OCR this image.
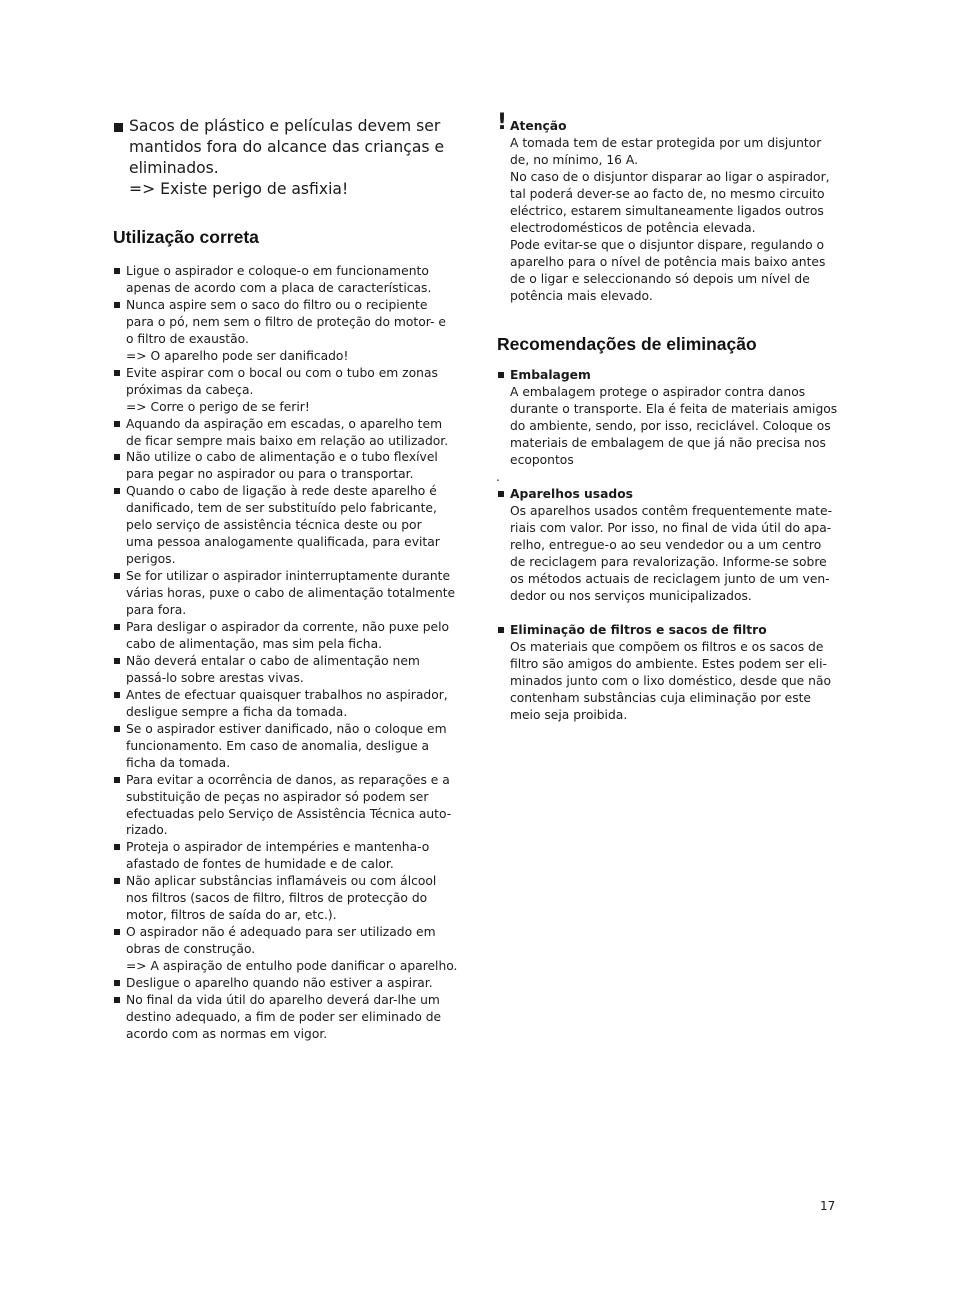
Sacos de plástico e películas devem ser
mantidos fora do alcance das crianças e
eliminados.
=> Existe perigo de asfixia!
Utilização correta
Ligue o aspirador e coloque-o em funcionamento
apenas de acordo com a placa de características.
Nunca aspire sem o saco do filtro ou o recipiente
para o pó, nem sem o filtro de proteção do motor- e
o filtro de exaustão.
=> O aparelho pode ser danificado!
Evite aspirar com o bocal ou com o tubo em zonas
próximas da cabeça.
=> Corre o perigo de se ferir!
Aquando da aspiração em escadas, o aparelho tem
de ficar sempre mais baixo em relação ao utilizador.
Não utilize o cabo de alimentação e o tubo flexível
para pegar no aspirador ou para o transportar.
Quando o cabo de ligação à rede deste aparelho é
danificado, tem de ser substituído pelo fabricante,
pelo serviço de assistência técnica deste ou por
uma pessoa analogamente qualificada, para evitar
perigos.
Se for utilizar o aspirador ininterruptamente durante
várias horas, puxe o cabo de alimentação totalmente
para fora.
Para desligar o aspirador da corrente, não puxe pelo
cabo de alimentação, mas sim pela ficha.
Não deverá entalar o cabo de alimentação nem
passá-lo sobre arestas vivas.
Antes de efectuar quaisquer trabalhos no aspirador,
desligue sempre a ficha da tomada.
Se o aspirador estiver danificado, não o coloque em
funcionamento. Em caso de anomalia, desligue a
ficha da tomada.
Para evitar a ocorrência de danos, as reparações e a
substituição de peças no aspirador só podem ser
efectuadas pelo Serviço de Assistência Técnica auto-
rizado.
Proteja o aspirador de intempéries e mantenha-o
afastado de fontes de humidade e de calor.
Não aplicar substâncias inflamáveis ou com álcool
nos filtros (sacos de filtro, filtros de protecção do
motor, filtros de saída do ar, etc.).
O aspirador não é adequado para ser utilizado em
obras de construção.
=> A aspiração de entulho pode danificar o aparelho.
Desligue o aparelho quando não estiver a aspirar.
No final da vida útil do aparelho deverá dar-lhe um
destino adequado, a fim de poder ser eliminado de
acordo com as normas em vigor.
! Atenção
A tomada tem de estar protegida por um disjuntor
de, no mínimo, 16 A.
No caso de o disjuntor disparar ao ligar o aspirador,
tal poderá dever-se ao facto de, no mesmo circuito
eléctrico, estarem simultaneamente ligados outros
electrodomésticos de potência elevada.
Pode evitar-se que o disjuntor dispare, regulando o
aparelho para o nível de potência mais baixo antes
de o ligar e seleccionando só depois um nível de
potência mais elevado.
Recomendações de eliminação
Embalagem
A embalagem protege o aspirador contra danos
durante o transporte. Ela é feita de materiais amigos
do ambiente, sendo, por isso, reciclável. Coloque os
materiais de embalagem de que já não precisa nos
ecopontos
.
Aparelhos usados
Os aparelhos usados contêm frequentemente mate-
riais com valor. Por isso, no final de vida útil do apa-
relho, entregue-o ao seu vendedor ou a um centro
de reciclagem para revalorização. Informe-se sobre
os métodos actuais de reciclagem junto de um ven-
dedor ou nos serviços municipalizados.
Eliminação de filtros e sacos de filtro
Os materiais que compõem os filtros e os sacos de
filtro são amigos do ambiente. Estes podem ser eli-
minados junto com o lixo doméstico, desde que não
contenham substâncias cuja eliminação por este
meio seja proibida.
17
